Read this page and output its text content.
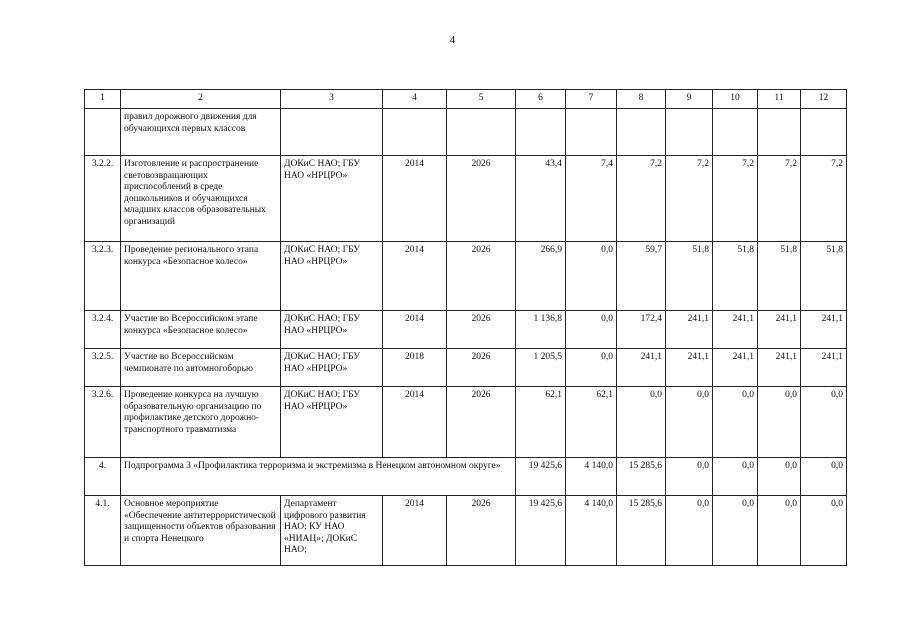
4
1	2	3	4	5	6	7	8	9	10	11	12
	правил дорожного движения для обучающихся первых классов										
3.2.2.	Изготовление и распространение световозвращающих приспособлений в среде дошкольников и обучающихся младших классов образовательных организаций	ДОКиС НАО; ГБУ НАО «НРЦРО»	2014	2026	43,4	7,4	7,2	7,2	7,2	7,2	7,2
3.2.3.	Проведение регионального этапа конкурса «Безопасное колесо»	ДОКиС НАО; ГБУ НАО «НРЦРО»	2014	2026	266,9	0,0	59,7	51,8	51,8	51,8	51,8
3.2.4.	Участие во Всероссийском этапе конкурса «Безопасное колесо»	ДОКиС НАО; ГБУ НАО «НРЦРО»	2014	2026	1 136,8	0,0	172,4	241,1	241,1	241,1	241,1
3.2.5.	Участие во Всероссийском чемпионате по автомногоборью	ДОКиС НАО; ГБУ НАО «НРЦРО»	2018	2026	1 205,5	0,0	241,1	241,1	241,1	241,1	241,1
3.2.6.	Проведение конкурса на лучшую образовательную организацию по профилактике детского дорожно-транспортного травматизма	ДОКиС НАО; ГБУ НАО «НРЦРО»	2014	2026	62,1	62,1	0,0	0,0	0,0	0,0	0,0
4.	Подпрограмма 3 «Профилактика терроризма и экстремизма в Ненецком автономном округе»				19 425,6	4 140,0	15 285,6	0,0	0,0	0,0	0,0
4.1.	Основное мероприятие «Обеспечение антитеррористической защищенности объектов образования и спорта Ненецкого	Департамент цифрового развития НАО; КУ НАО «НИАЦ»; ДОКиС НАО;	2014	2026	19 425,6	4 140,0	15 285,6	0,0	0,0	0,0	0,0
